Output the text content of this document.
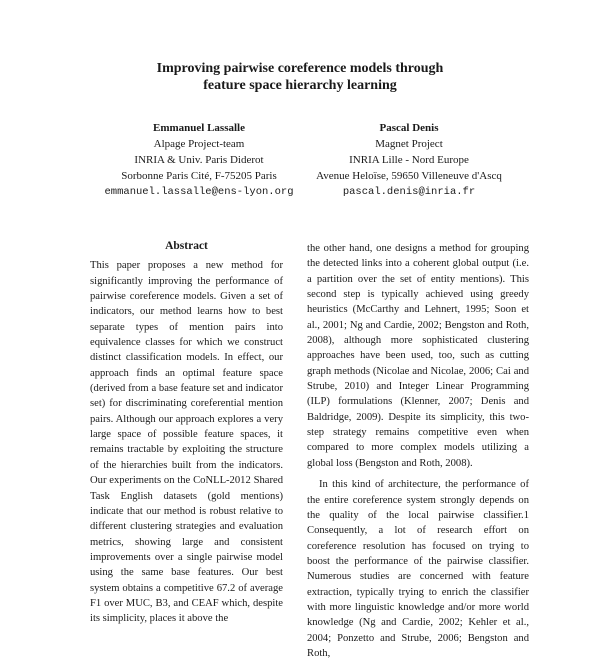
Improving pairwise coreference models through
feature space hierarchy learning
Emmanuel Lassalle
Alpage Project-team
INRIA & Univ. Paris Diderot
Sorbonne Paris Cité, F-75205 Paris
emmanuel.lassalle@ens-lyon.org
Pascal Denis
Magnet Project
INRIA Lille - Nord Europe
Avenue Heloïse, 59650 Villeneuve d'Ascq
pascal.denis@inria.fr
Abstract

This paper proposes a new method for significantly improving the performance of pairwise coreference models. Given a set of indicators, our method learns how to best separate types of mention pairs into equivalence classes for which we construct distinct classification models. In effect, our approach finds an optimal feature space (derived from a base feature set and indicator set) for discriminating coreferential mention pairs. Although our approach explores a very large space of possible feature spaces, it remains tractable by exploiting the structure of the hierarchies built from the indicators. Our experiments on the CoNLL-2012 Shared Task English datasets (gold mentions) indicate that our method is robust relative to different clustering strategies and evaluation metrics, showing large and consistent improvements over a single pairwise model using the same base features. Our best system obtains a competitive 67.2 of average F1 over MUC, B3, and CEAF which, despite its simplicity, places it above the

the other hand, one designs a method for grouping the detected links into a coherent global output (i.e. a partition over the set of entity mentions). This second step is typically achieved using greedy heuristics (McCarthy and Lehnert, 1995; Soon et al., 2001; Ng and Cardie, 2002; Bengston and Roth, 2008), although more sophisticated clustering approaches have been used, too, such as cutting graph methods (Nicolae and Nicolae, 2006; Cai and Strube, 2010) and Integer Linear Programming (ILP) formulations (Klenner, 2007; Denis and Baldridge, 2009). Despite its simplicity, this two-step strategy remains competitive even when compared to more complex models utilizing a global loss (Bengston and Roth, 2008).

In this kind of architecture, the performance of the entire coreference system strongly depends on the quality of the local pairwise classifier.1 Consequently, a lot of research effort on coreference resolution has focused on trying to boost the performance of the pairwise classifier. Numerous studies are concerned with feature extraction, typically trying to enrich the classifier with more linguistic knowledge and/or more world knowledge (Ng and Cardie, 2002; Kehler et al., 2004; Ponzetto and Strube, 2006; Bengston and Roth,
